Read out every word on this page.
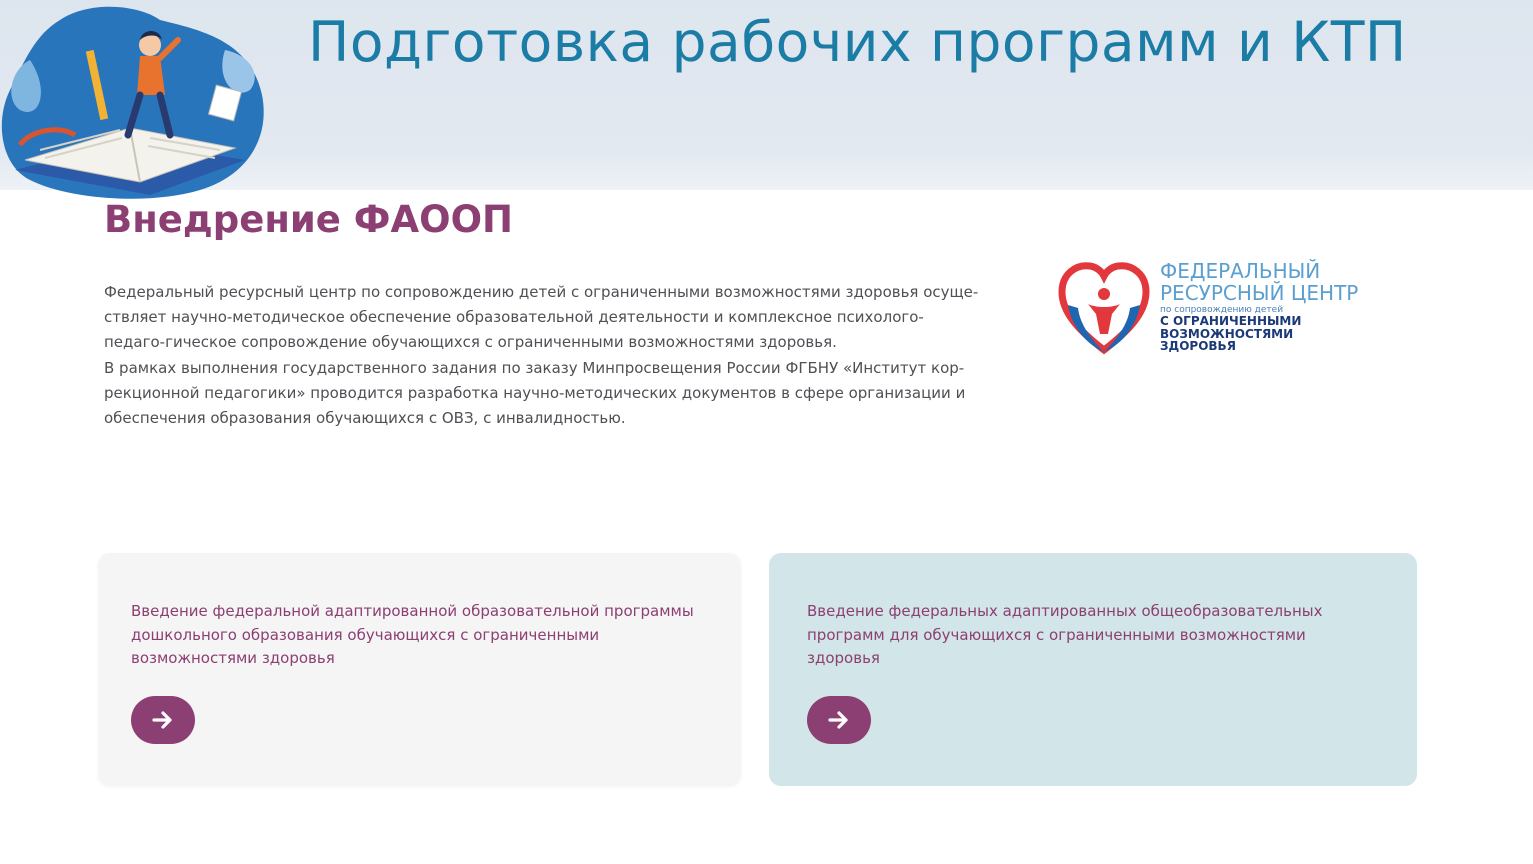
Подготовка рабочих программ и КТП
Внедрение ФАООП

Федеральный ресурсный центр по сопровождению детей с ограниченными возможностями здоровья осуще-ствляет научно-методическое обеспечение образовательной деятельности и комплексное психолого-педаго-гическое сопровождение обучающихся с ограниченными возможностями здоровья.

В рамках выполнения государственного задания по заказу Минпросвещения России ФГБНУ «Институт кор-рекционной педагогики» проводится разработка научно-методических документов в сфере организации и обеспечения образования обучающихся с ОВЗ, с инвалидностью.

ФЕДЕРАЛЬНЫЙ
РЕСУРСНЫЙ ЦЕНТР
по сопровождению детей
С ОГРАНИЧЕННЫМИ
ВОЗМОЖНОСТЯМИ
ЗДОРОВЬЯ
Введение федеральной адаптированной образовательной программы дошкольного образования обучающихся с ограниченными возможностями здоровья
Введение федеральных адаптированных общеобразовательных программ для обучающихся с ограниченными возможностями здоровья
